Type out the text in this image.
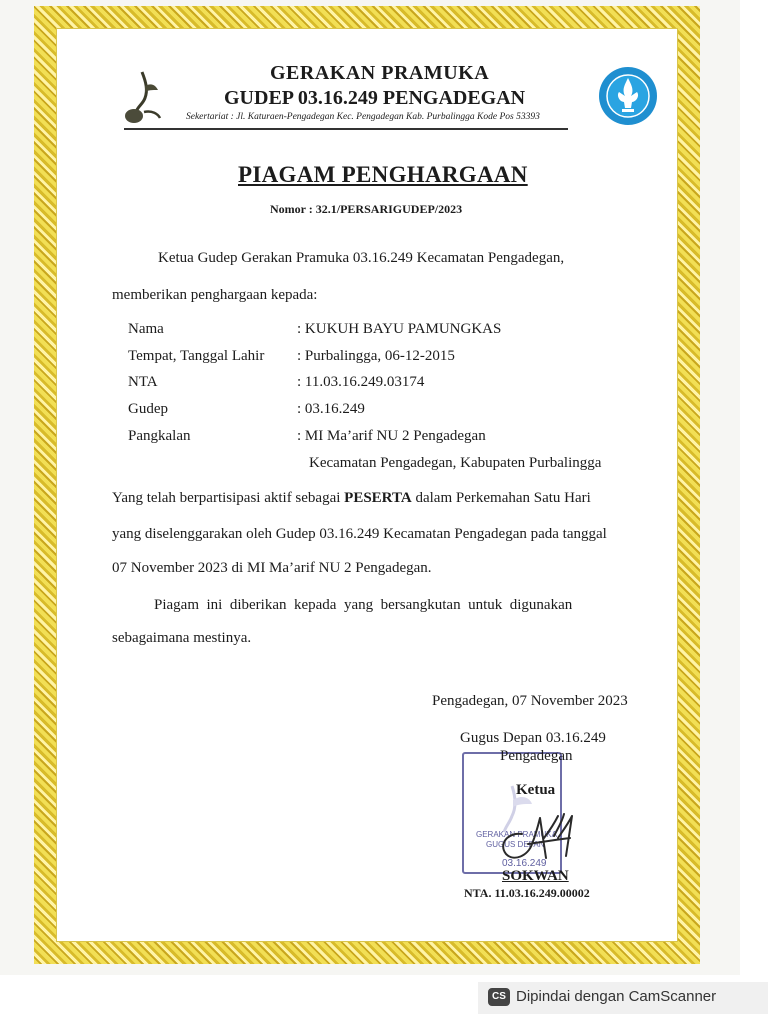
GERAKAN PRAMUKA
GUDEP 03.16.249 PENGADEGAN
Sekertariat : Jl. Katuraen-Pengadegan Kec. Pengadegan Kab. Purbalingga Kode Pos 53393
PIAGAM PENGHARGAAN
Nomor : 32.1/PERSARIGUDEP/2023
Ketua Gudep Gerakan Pramuka 03.16.249 Kecamatan Pengadegan,
memberikan penghargaan kepada:
Nama	: KUKUH BAYU PAMUNGKAS
Tempat, Tanggal Lahir : Purbalingga, 06-12-2015
NTA	: 11.03.16.249.03174
Gudep	: 03.16.249
Pangkalan	: MI Ma’arif NU 2 Pengadegan
Kecamatan Pengadegan, Kabupaten Purbalingga
Yang telah berpartisipasi aktif sebagai PESERTA dalam Perkemahan Satu Hari
yang diselenggarakan oleh Gudep 03.16.249 Kecamatan Pengadegan pada tanggal
07 November 2023 di MI Ma’arif NU 2 Pengadegan.
Piagam  ini  diberikan  kepada  yang  bersangkutan  untuk  digunakan
sebagaimana mestinya.
Pengadegan, 07 November 2023
Gugus Depan 03.16.249
GERAKAN PRAMUKA
GUGUS DEPAN
03.16.249
Pengadegan
Ketua
SOKWAN
NTA. 11.03.16.249.00002
CS Dipindai dengan CamScanner
